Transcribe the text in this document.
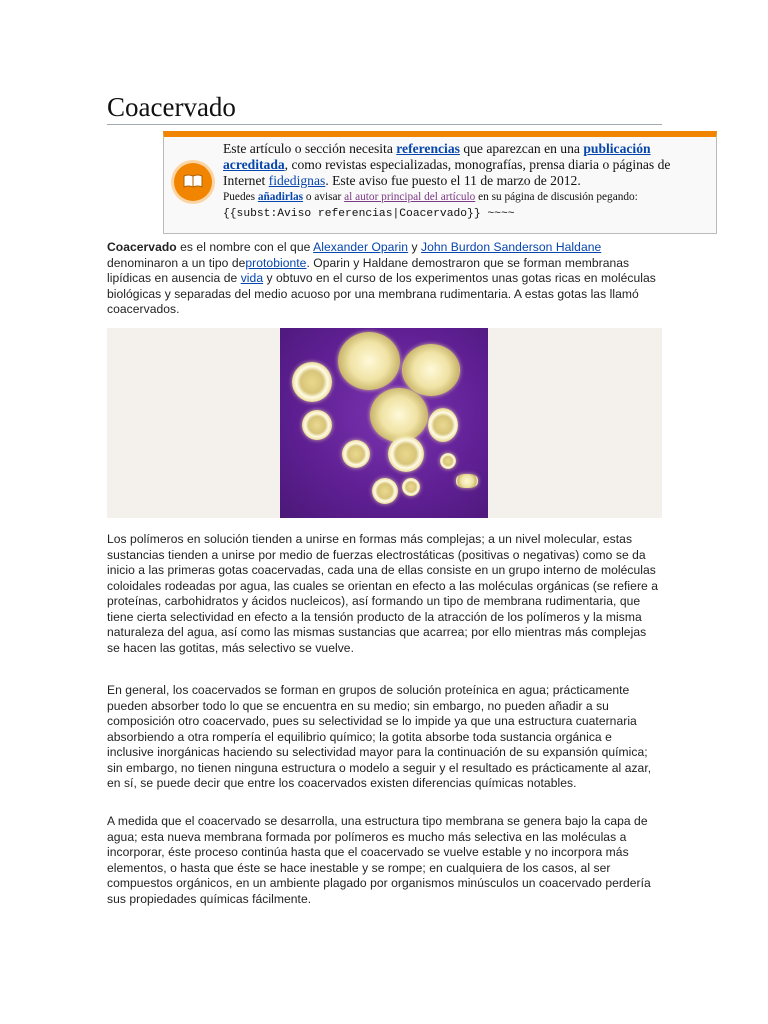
Coacervado
Este artículo o sección necesita referencias que aparezcan en una publicación acreditada, como revistas especializadas, monografías, prensa diaria o páginas de Internet fidedignas. Este aviso fue puesto el 11 de marzo de 2012.
Puedes añadirlas o avisar al autor principal del artículo en su página de discusión pegando: {{subst:Aviso referencias|Coacervado}} ~~~~

Coacervado es el nombre con el que Alexander Oparin y John Burdon Sanderson Haldane denominaron a un tipo deprotobionte. Oparin y Haldane demostraron que se forman membranas lipídicas en ausencia de vida y obtuvo en el curso de los experimentos unas gotas ricas en moléculas biológicas y separadas del medio acuoso por una membrana rudimentaria. A estas gotas las llamó coacervados.

Los polímeros en solución tienden a unirse en formas más complejas; a un nivel molecular, estas sustancias tienden a unirse por medio de fuerzas electrostáticas (positivas o negativas) como se da inicio a las primeras gotas coacervadas, cada una de ellas consiste en un grupo interno de moléculas coloidales rodeadas por agua, las cuales se orientan en efecto a las moléculas orgánicas (se refiere a proteínas, carbohidratos y ácidos nucleicos), así formando un tipo de membrana rudimentaria, que tiene cierta selectividad en efecto a la tensión producto de la atracción de los polímeros y la misma naturaleza del agua, así como las mismas sustancias que acarrea; por ello mientras más complejas se hacen las gotitas, más selectivo se vuelve.

En general, los coacervados se forman en grupos de solución proteínica en agua; prácticamente pueden absorber todo lo que se encuentra en su medio; sin embargo, no pueden añadir a su composición otro coacervado, pues su selectividad se lo impide ya que una estructura cuaternaria absorbiendo a otra rompería el equilibrio químico; la gotita absorbe toda sustancia orgánica e inclusive inorgánicas haciendo su selectividad mayor para la continuación de su expansión química; sin embargo, no tienen ninguna estructura o modelo a seguir y el resultado es prácticamente al azar, en sí, se puede decir que entre los coacervados existen diferencias químicas notables.

A medida que el coacervado se desarrolla, una estructura tipo membrana se genera bajo la capa de agua; esta nueva membrana formada por polímeros es mucho más selectiva en las moléculas a incorporar, éste proceso continúa hasta que el coacervado se vuelve estable y no incorpora más elementos, o hasta que éste se hace inestable y se rompe; en cualquiera de los casos, al ser compuestos orgánicos, en un ambiente plagado por organismos minúsculos un coacervado perdería sus propiedades químicas fácilmente.
